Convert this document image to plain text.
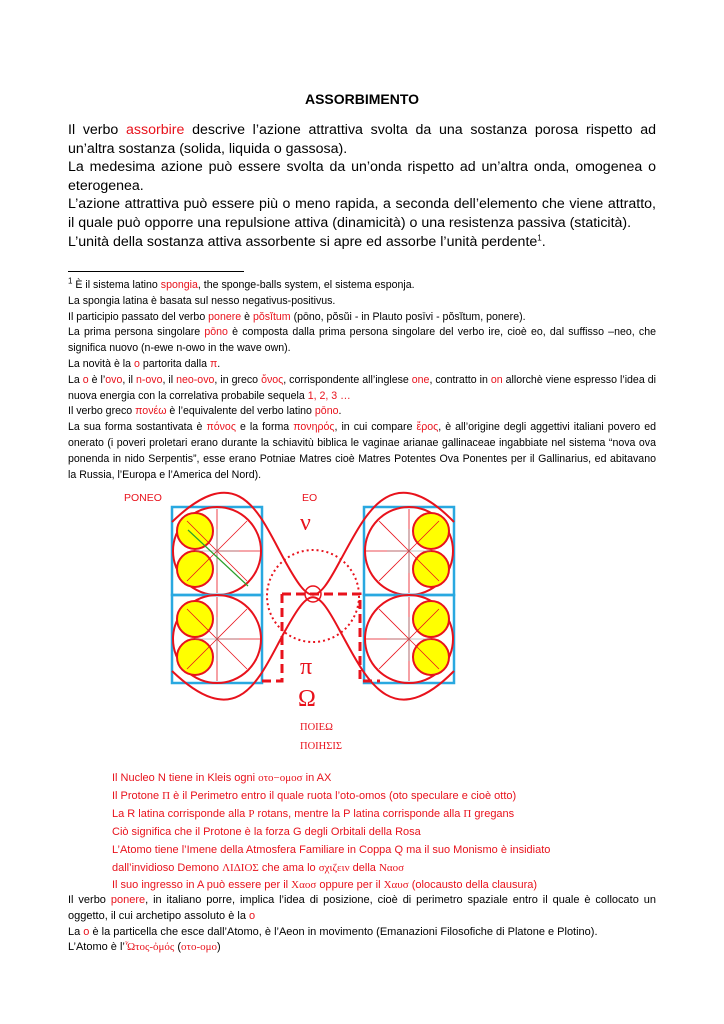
ASSORBIMENTO

Il verbo assorbire descrive l’azione attrattiva svolta da una sostanza porosa rispetto ad un’altra sostanza (solida, liquida o gassosa).

La medesima azione può essere svolta da un’onda rispetto ad un’altra onda, omogenea o eterogenea.

L’azione attrattiva può essere più o meno rapida, a seconda dell’elemento che viene attratto, il quale può opporre una repulsione attiva (dinamicità) o una resistenza passiva (staticità).

L’unità della sostanza attiva assorbente si apre ed assorbe l’unità perdente$^1$.

$^1$ È il sistema latino spongia, the sponge-balls system, el sistema esponja.

La spongia latina è basata sul nesso negativus-positivus.

Il participio passato del verbo ponere è pŏsĭtum (pōno, pŏsŭi - in Plauto posīvi - pŏsĭtum, ponere).

La prima persona singolare pōno è composta dalla prima persona singolare del verbo ire, cioè eo, dal suffisso –neo, che significa nuovo (n-ewe n-owo in the wave own).

La novità è la o partorita dalla π.

La o è l’ovo, il n-ovo, il neo-ovo, in greco ὄνος, corrispondente all’inglese one, contratto in on allorchè viene espresso l’idea di nuova energia con la correlativa probabile sequela 1, 2, 3 …

Il verbo greco πονέω è l’equivalente del verbo latino pōno.

La sua forma sostantivata è πόνος e la forma πονηρός, in cui compare ἔρος, è all’origine degli aggettivi italiani povero ed onerato (i poveri proletari erano durante la schiavitù biblica le vaginae arianae gallinaceae ingabbiate nel sistema “nova ova ponenda in nido Serpentis”, esse erano Potniae Matres cioè Matres Potentes Ova Ponentes per il Gallinarius, ed abitavano la Russia, l’Europa e l’America del Nord).

PONEO	EO
ν
π
Ω
ΠΟΙΕΩ
ΠΟΙΗΣΙΣ

Il Nucleo N tiene in Kleis ogni οτο−ομοσ in AX

Il Protone Π è il Perimetro entro il quale ruota l’oto-omos (oto speculare e cioè otto)

La R latina corrisponde alla Ρ rotans, mentre la P latina corrisponde alla Π gregans

Ciò significa che il Protone è la forza G degli Orbitali della Rosa

L’Atomo tiene l’Imene della Atmosfera Familiare in Coppa Q ma il suo Monismo è insidiato

dall’invidioso Demono ΛΙΔΙΟΣ che ama lo σχιζειν della Ναοσ

Il suo ingresso in A può essere per il Χαοσ oppure per il Χαυσ (olocausto della clausura)

Il verbo ponere, in italiano porre, implica l’idea di posizione, cioè di perimetro spaziale entro il quale è collocato un oggetto, il cui archetipo assoluto è la o

La o è la particella che esce dall’Atomo, è l’Aeon in movimento (Emanazioni Filosofiche di Platone e Plotino).

L’Atomo è l’Ὦτος-ὀμός (οτο-ομο)
